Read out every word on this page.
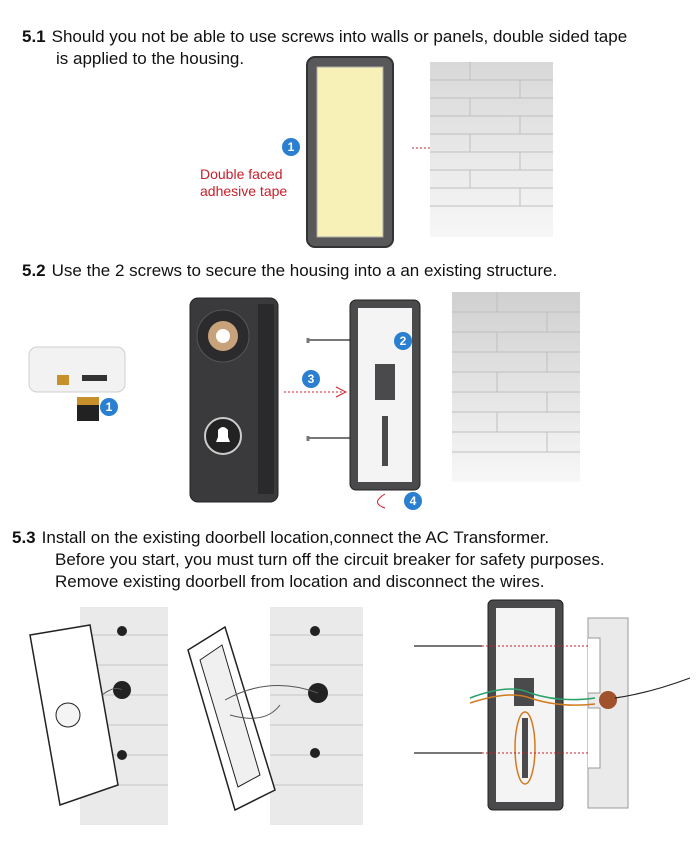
5.1 Should you not be able to use screws into walls or panels, double sided tape
is applied to the housing.
1
Double faced
adhesive tape
5.2 Use the 2 screws to secure the housing into a an existing structure.
1
3
2
4
5.3 Install on the existing doorbell location,connect the AC Transformer.
Before you start, you must turn off the circuit breaker for safety purposes.
Remove existing doorbell from location and disconnect the wires.
